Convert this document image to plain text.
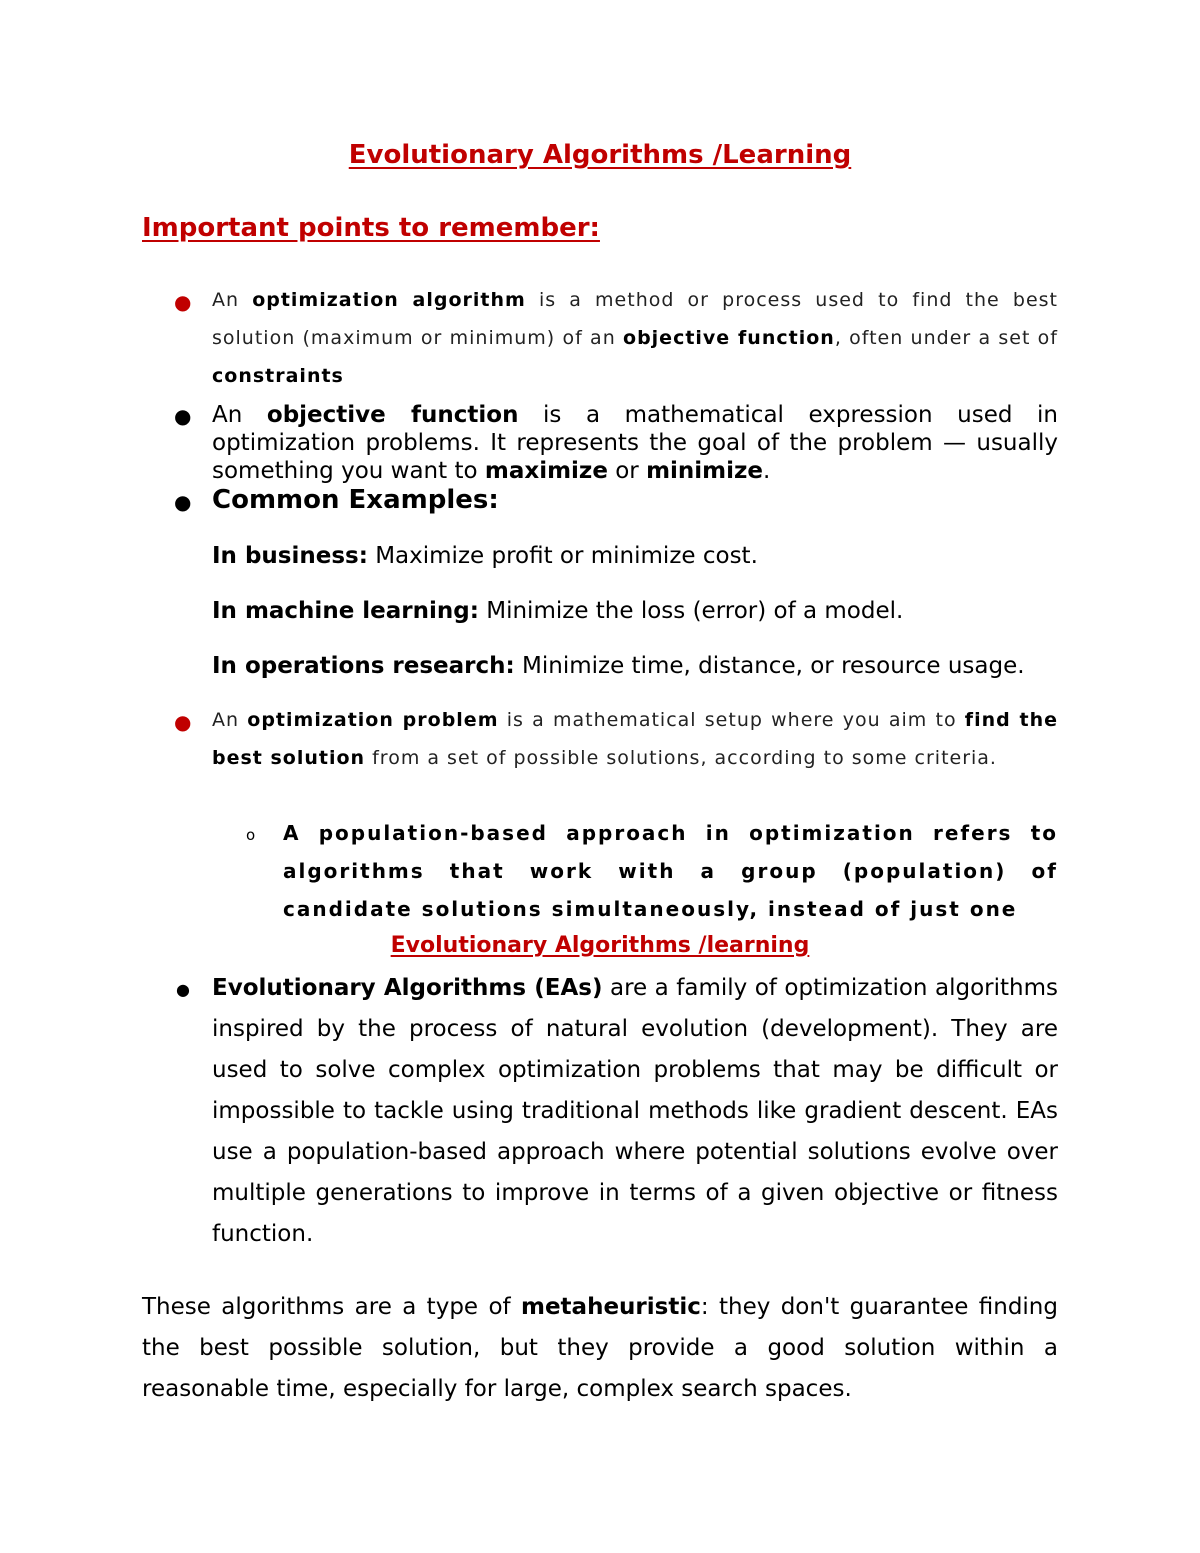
Evolutionary Algorithms /Learning
Important points to remember:
● An optimization algorithm is a method or process used to find the best solution (maximum or minimum) of an objective function, often under a set of constraints

● An objective function is a mathematical expression used in optimization problems. It represents the goal of the problem — usually something you want to maximize or minimize.

● Common Examples:

In business: Maximize profit or minimize cost.

In machine learning: Minimize the loss (error) of a model.

In operations research: Minimize time, distance, or resource usage.

● An optimization problem is a mathematical setup where you aim to find the best solution from a set of possible solutions, according to some criteria.

o A population-based approach in optimization refers to algorithms that work with a group (population) of candidate solutions simultaneously, instead of just one

Evolutionary Algorithms /learning
● Evolutionary Algorithms (EAs) are a family of optimization algorithms inspired by the process of natural evolution (development). They are used to solve complex optimization problems that may be difficult or impossible to tackle using traditional methods like gradient descent. EAs use a population-based approach where potential solutions evolve over multiple generations to improve in terms of a given objective or fitness function.

These algorithms are a type of metaheuristic: they don't guarantee finding the best possible solution, but they provide a good solution within a reasonable time, especially for large, complex search spaces.
